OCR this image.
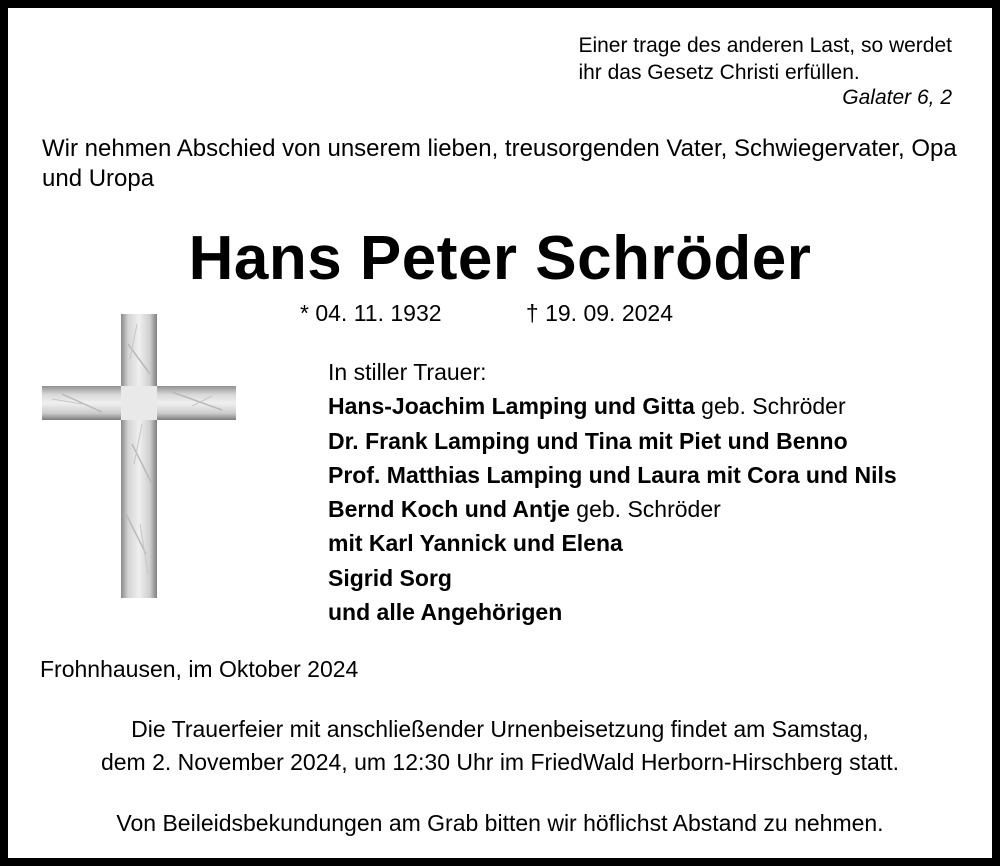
Einer trage des anderen Last, so werdet
ihr das Gesetz Christi erfüllen.
Galater 6, 2
Wir nehmen Abschied von unserem lieben, treusorgenden Vater, Schwiegervater, Opa und Uropa
Hans Peter Schröder
* 04. 11. 1932	† 19. 09. 2024
In stiller Trauer:
Hans-Joachim Lamping und Gitta geb. Schröder
Dr. Frank Lamping und Tina mit Piet und Benno
Prof. Matthias Lamping und Laura mit Cora und Nils
Bernd Koch und Antje geb. Schröder
mit Karl Yannick und Elena
Sigrid Sorg
und alle Angehörigen
Frohnhausen, im Oktober 2024
Die Trauerfeier mit anschließender Urnenbeisetzung findet am Samstag,
dem 2. November 2024, um 12:30 Uhr im FriedWald Herborn-Hirschberg statt.
Von Beileidsbekundungen am Grab bitten wir höflichst Abstand zu nehmen.
